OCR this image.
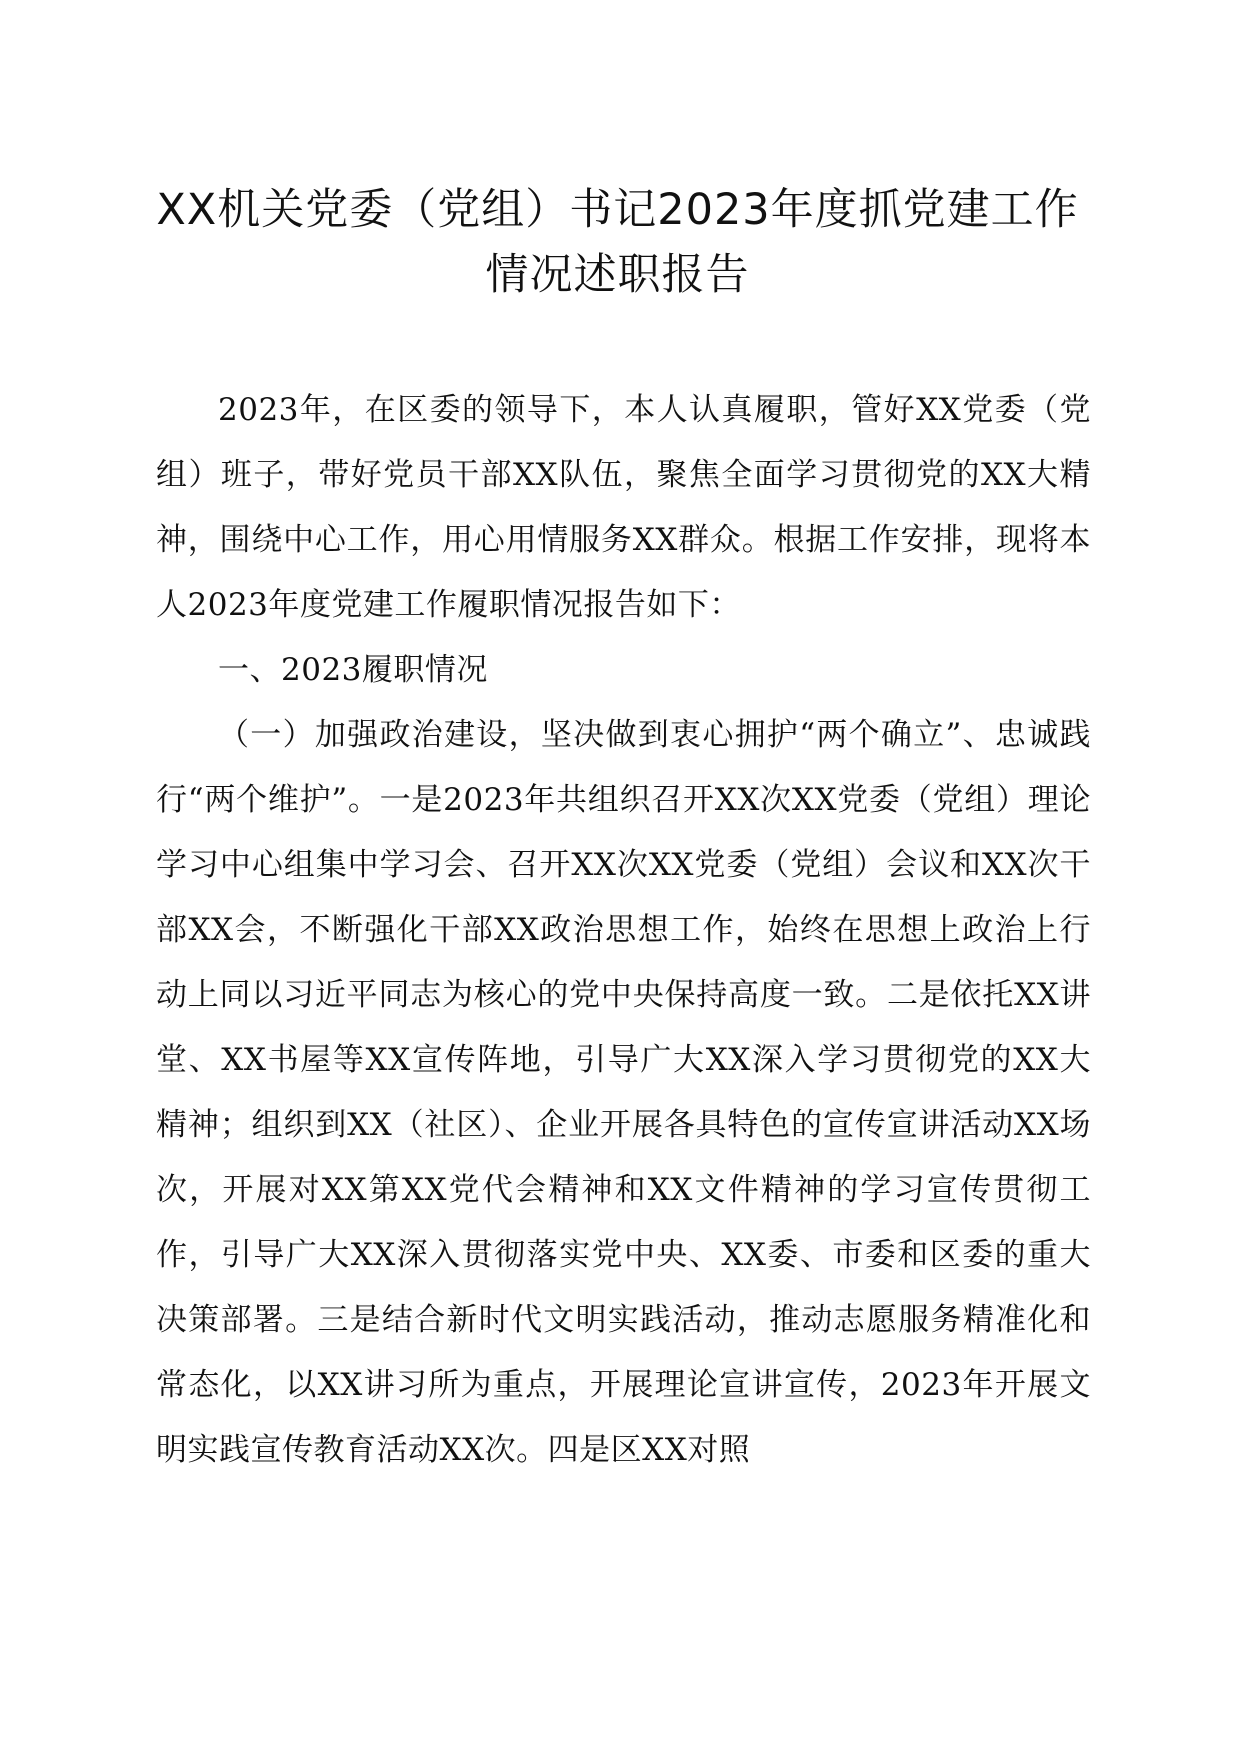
XX机关党委（党组）书记2023年度抓党建工作情况述职报告

2023年，在区委的领导下，本人认真履职，管好XX党委（党组）班子，带好党员干部XX队伍，聚焦全面学习贯彻党的XX大精神，围绕中心工作，用心用情服务XX群众。根据工作安排，现将本人2023年度党建工作履职情况报告如下：

一、2023履职情况

（一）加强政治建设，坚决做到衷心拥护“两个确立”、忠诚践行“两个维护”。一是2023年共组织召开XX次XX党委（党组）理论学习中心组集中学习会、召开XX次XX党委（党组）会议和XX次干部XX会，不断强化干部XX政治思想工作，始终在思想上政治上行动上同以习近平同志为核心的党中央保持高度一致。二是依托XX讲堂、XX书屋等XX宣传阵地，引导广大XX深入学习贯彻党的XX大精神；组织到XX（社区）、企业开展各具特色的宣传宣讲活动XX场次，开展对XX第XX党代会精神和XX文件精神的学习宣传贯彻工作，引导广大XX深入贯彻落实党中央、XX委、市委和区委的重大决策部署。三是结合新时代文明实践活动，推动志愿服务精准化和常态化，以XX讲习所为重点，开展理论宣讲宣传，2023年开展文明实践宣传教育活动XX次。四是区XX对照
